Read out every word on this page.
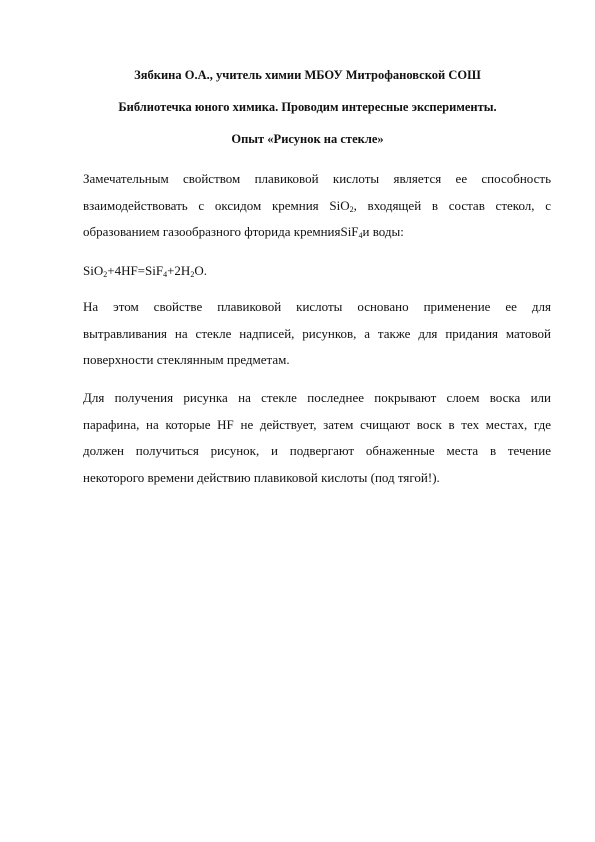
Зябкина О.А., учитель химии МБОУ Митрофановской СОШ
Библиотечка юного химика. Проводим интересные эксперименты.
Опыт «Рисунок на стекле»
Замечательным свойством плавиковой кислоты является ее способность
взаимодействовать с оксидом кремния SiO$_2$, входящей в состав стекол, с
образованием газообразного фторида кремнияSiF$_4$и воды:
$SiO_2+4HF=SiF_4+2H_2O$.
На этом свойстве плавиковой кислоты основано применение ее для
вытравливания на стекле надписей, рисунков, а также для придания матовой
поверхности стеклянным предметам.
Для получения рисунка на стекле последнее покрывают слоем воска или
парафина, на которые HF не действует, затем счищают воск в тех местах, где
должен получиться рисунок, и подвергают обнаженные места в течение
некоторого времени действию плавиковой кислоты (под тягой!).
